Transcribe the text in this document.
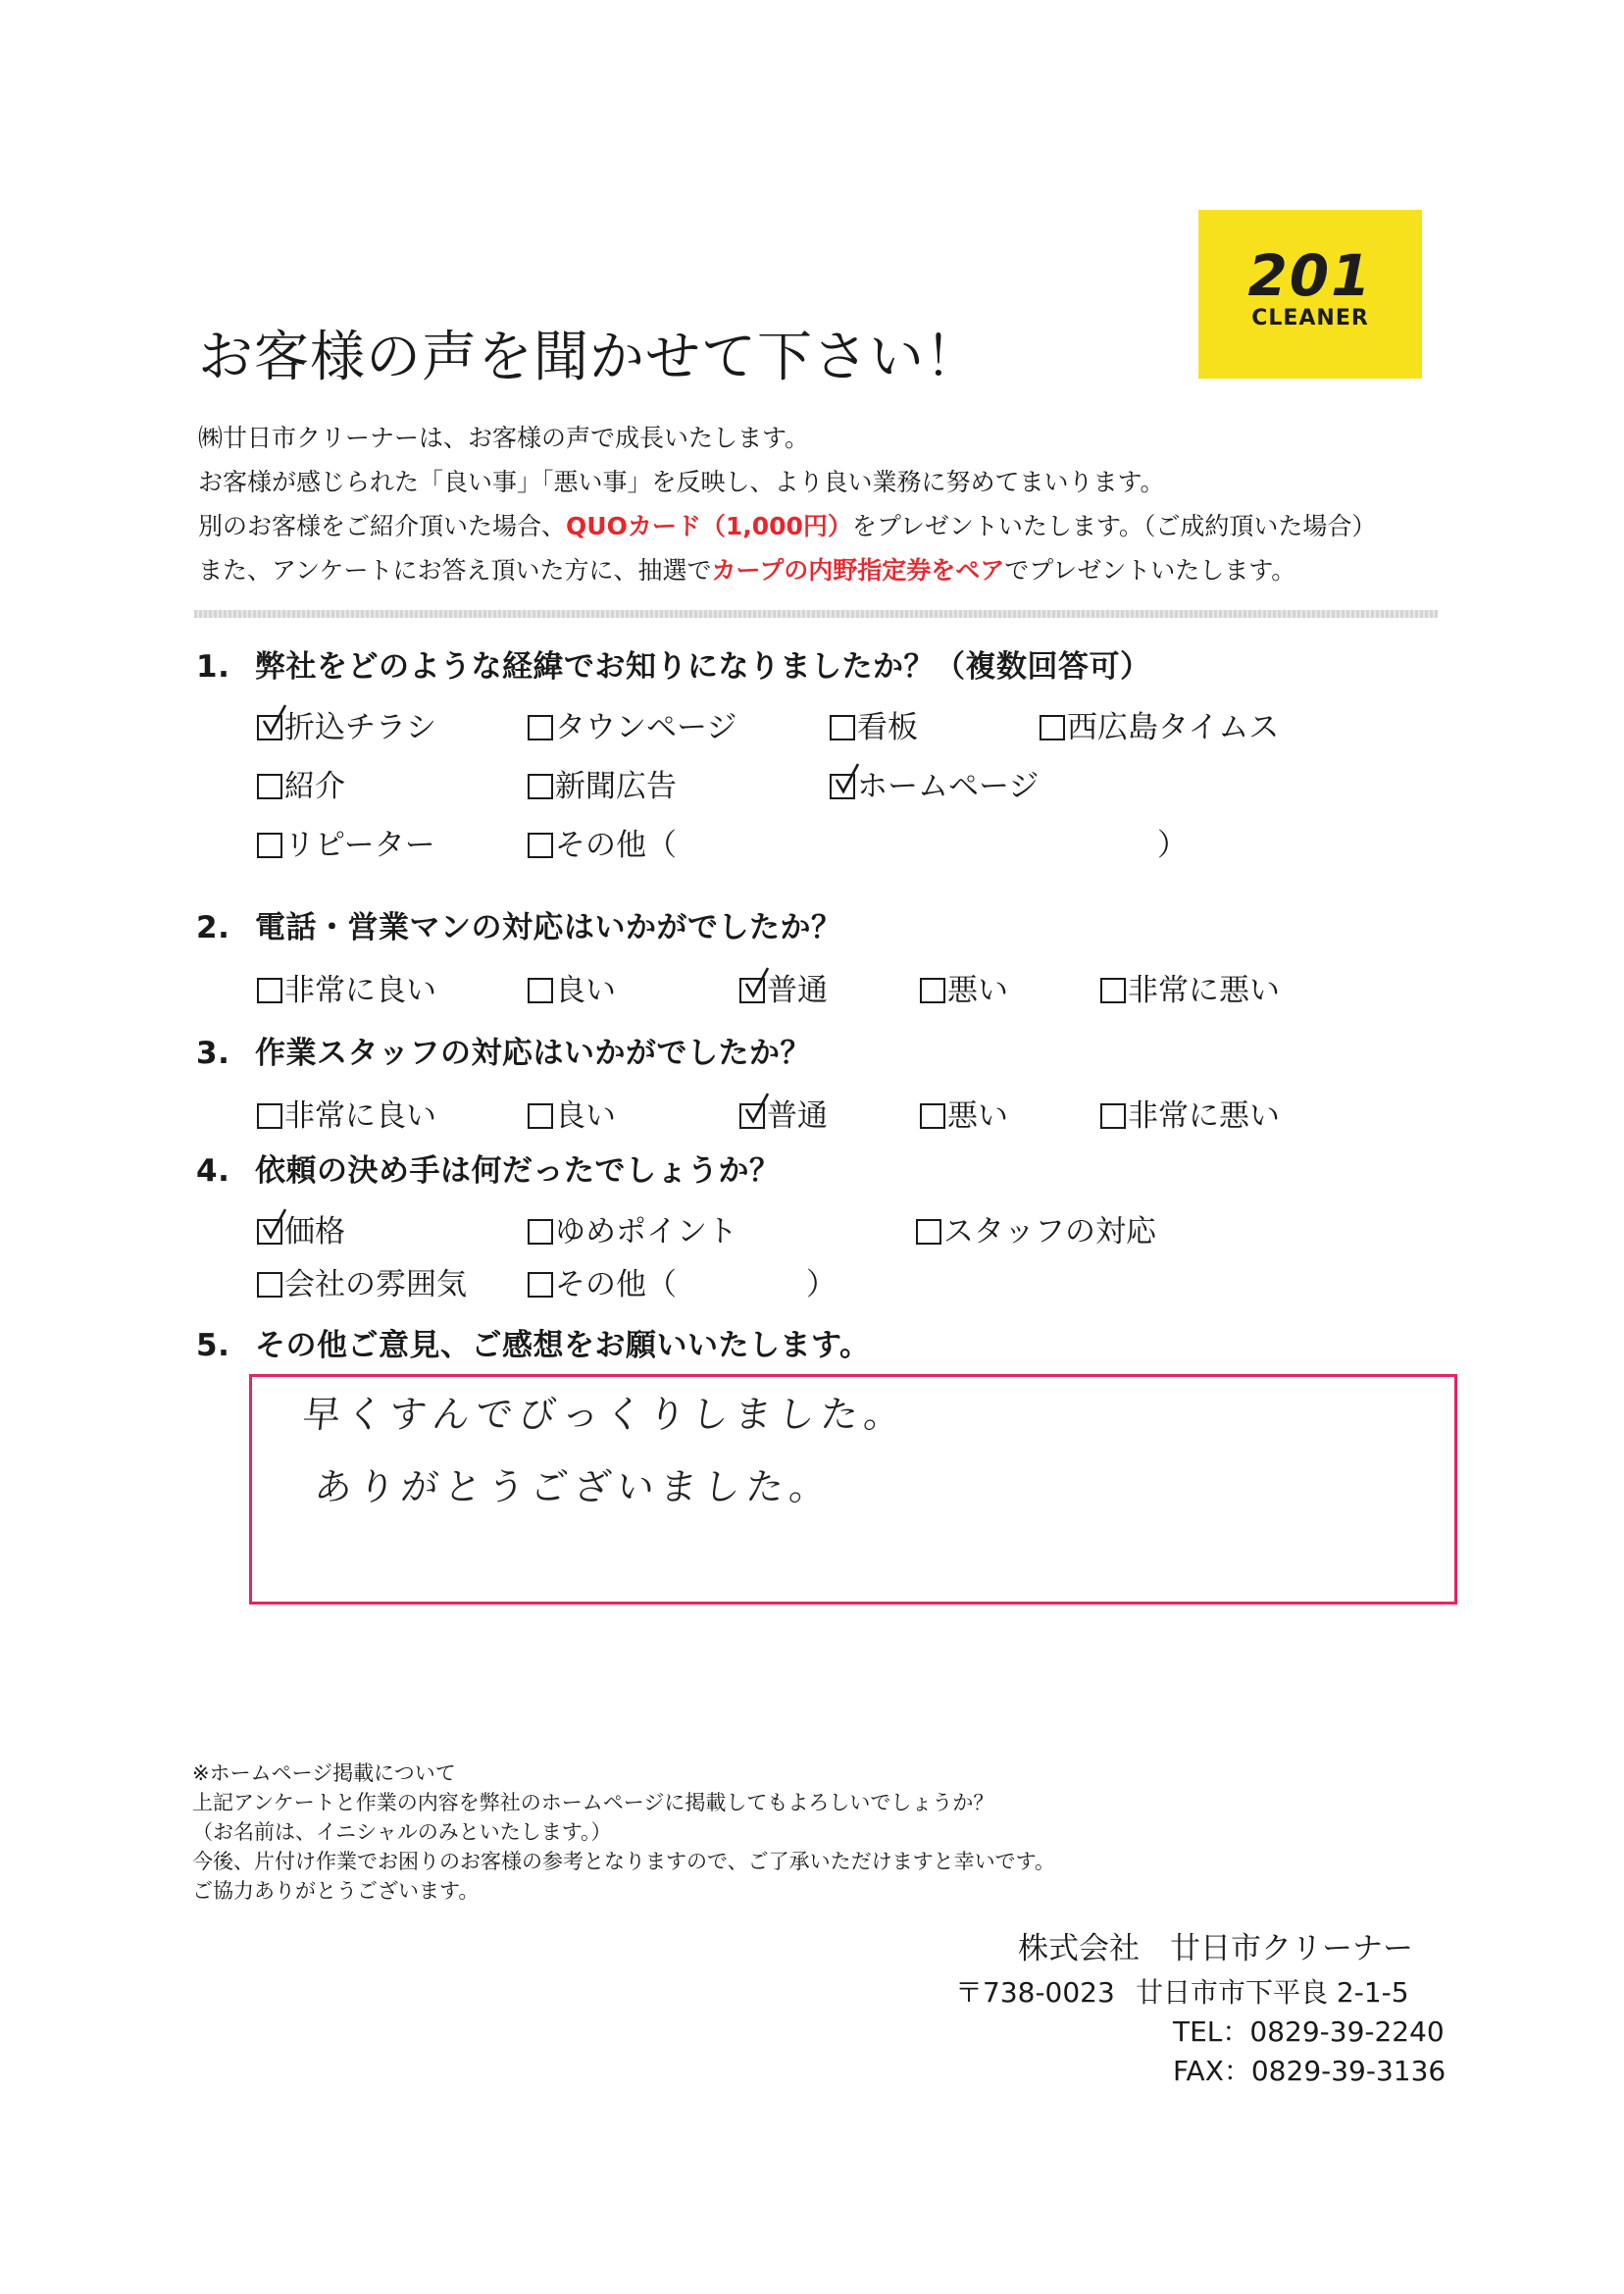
201
CLEANER
お客様の声を聞かせて下さい！
㈱廿日市クリーナーは、お客様の声で成長いたします。
お客様が感じられた「良い事」「悪い事」を反映し、より良い業務に努めてまいります。
別のお客様をご紹介頂いた場合、QUOカード（1,000円）をプレゼントいたします。（ご成約頂いた場合）
また、アンケートにお答え頂いた方に、抽選でカープの内野指定券をペアでプレゼントいたします。
1. 弊社をどのような経緯でお知りになりましたか？（複数回答可）
折込チラシ	タウンページ	看板	西広島タイムス
紹介	新聞広告	ホームページ
リピーター	その他（	）
2. 電話・営業マンの対応はいかがでしたか？
非常に良い	良い	普通	悪い	非常に悪い
3. 作業スタッフの対応はいかがでしたか？
非常に良い	良い	普通	悪い	非常に悪い
4. 依頼の決め手は何だったでしょうか？
価格	ゆめポイント	スタッフの対応
会社の雰囲気	その他（	）
5. その他ご意見、ご感想をお願いいたします。
早くすんでびっくりしました。
ありがとうございました。
※ホームページ掲載について
上記アンケートと作業の内容を弊社のホームページに掲載してもよろしいでしょうか？
（お名前は、イニシャルのみといたします。）
今後、片付け作業でお困りのお客様の参考となりますので、ご了承いただけますと幸いです。
ご協力ありがとうございます。
株式会社　廿日市クリーナー
〒738-0023 廿日市市下平良 2-1-5
TEL：0829-39-2240
FAX：0829-39-3136
